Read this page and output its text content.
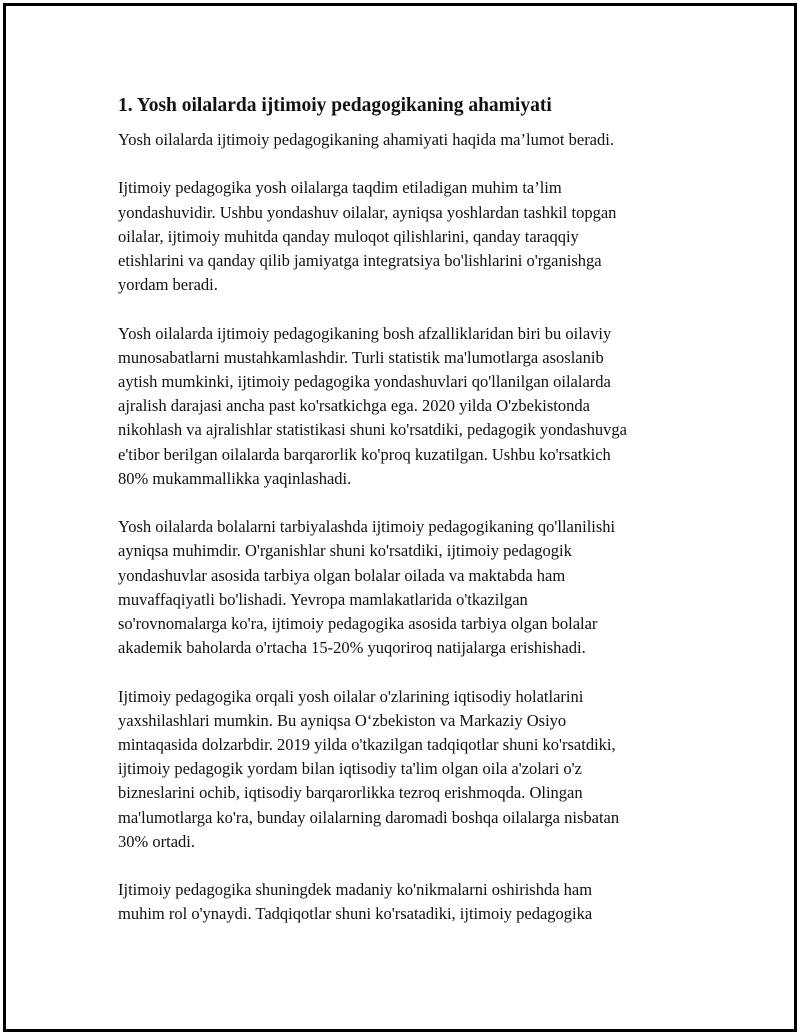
1. Yosh oilalarda ijtimoiy pedagogikaning ahamiyati

Yosh oilalarda ijtimoiy pedagogikaning ahamiyati haqida ma’lumot beradi.

Ijtimoiy pedagogika yosh oilalarga taqdim etiladigan muhim ta’lim
yondashuvidir. Ushbu yondashuv oilalar, ayniqsa yoshlardan tashkil topgan
oilalar, ijtimoiy muhitda qanday muloqot qilishlarini, qanday taraqqiy
etishlarini va qanday qilib jamiyatga integratsiya bo'lishlarini o'rganishga
yordam beradi.

Yosh oilalarda ijtimoiy pedagogikaning bosh afzalliklaridan biri bu oilaviy
munosabatlarni mustahkamlashdir. Turli statistik ma'lumotlarga asoslanib
aytish mumkinki, ijtimoiy pedagogika yondashuvlari qo'llanilgan oilalarda
ajralish darajasi ancha past ko'rsatkichga ega. 2020 yilda O'zbekistonda
nikohlash va ajralishlar statistikasi shuni ko'rsatdiki, pedagogik yondashuvga
e'tibor berilgan oilalarda barqarorlik ko'proq kuzatilgan. Ushbu ko'rsatkich
80% mukammallikka yaqinlashadi.

Yosh oilalarda bolalarni tarbiyalashda ijtimoiy pedagogikaning qo'llanilishi
ayniqsa muhimdir. O'rganishlar shuni ko'rsatdiki, ijtimoiy pedagogik
yondashuvlar asosida tarbiya olgan bolalar oilada va maktabda ham
muvaffaqiyatli bo'lishadi. Yevropa mamlakatlarida o'tkazilgan
so'rovnomalarga ko'ra, ijtimoiy pedagogika asosida tarbiya olgan bolalar
akademik baholarda o'rtacha 15-20% yuqoriroq natijalarga erishishadi.

Ijtimoiy pedagogika orqali yosh oilalar o'zlarining iqtisodiy holatlarini
yaxshilashlari mumkin. Bu ayniqsa O‘zbekiston va Markaziy Osiyo
mintaqasida dolzarbdir. 2019 yilda o'tkazilgan tadqiqotlar shuni ko'rsatdiki,
ijtimoiy pedagogik yordam bilan iqtisodiy ta'lim olgan oila a'zolari o'z
bizneslarini ochib, iqtisodiy barqarorlikka tezroq erishmoqda. Olingan
ma'lumotlarga ko'ra, bunday oilalarning daromadi boshqa oilalarga nisbatan
30% ortadi.

Ijtimoiy pedagogika shuningdek madaniy ko'nikmalarni oshirishda ham
muhim rol o'ynaydi. Tadqiqotlar shuni ko'rsatadiki, ijtimoiy pedagogika
